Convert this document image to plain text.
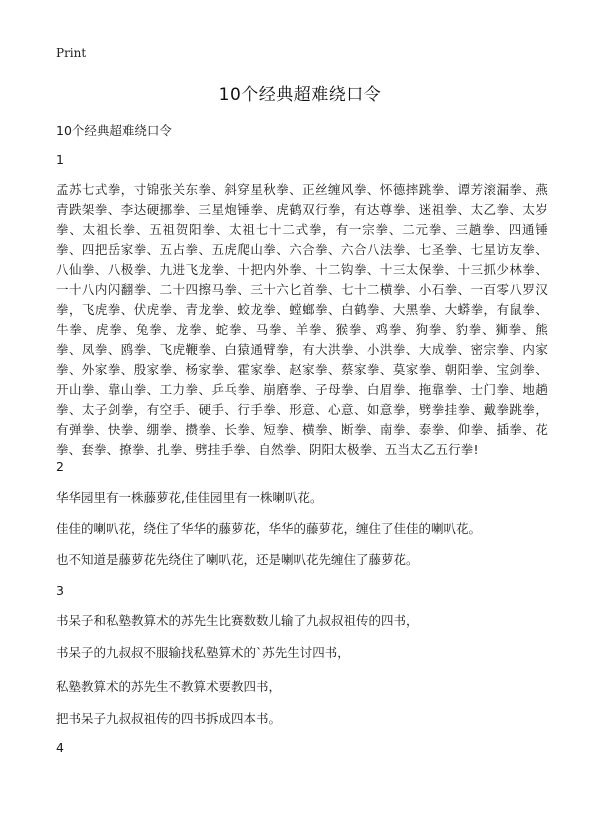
Print
10个经典超难绕口令
10个经典超难绕口令
1
孟苏七式拳，寸锦张关东拳、斜穿星秋拳、正丝缠风拳、怀德摔跳拳、谭芳滚漏拳、燕青跌架拳、李达硬挪拳、三星炮锤拳、虎鹤双行拳，有达尊拳、迷祖拳、太乙拳、太岁拳、太祖长拳、五祖贺阳拳、太祖七十二式拳，有一宗拳、二元拳、三趟拳、四通锤拳、四把岳家拳、五占拳、五虎爬山拳、六合拳、六合八法拳、七圣拳、七星访友拳、八仙拳、八极拳、九进飞龙拳、十把内外拳、十二钩拳、十三太保拳、十三抓少林拳、一十八内闪翻拳、二十四擦马拳、三十六匕首拳、七十二横拳、小石拳、一百零八罗汉拳，飞虎拳、伏虎拳、青龙拳、蛟龙拳、螳螂拳、白鹤拳、大黑拳、大蟒拳，有鼠拳、牛拳、虎拳、兔拳、龙拳、蛇拳、马拳、羊拳、猴拳、鸡拳、狗拳、豹拳、狮拳、熊拳、凤拳、鸥拳、飞虎鞭拳、白猿通臂拳，有大洪拳、小洪拳、大成拳、密宗拳、内家拳、外家拳、殷家拳、杨家拳、霍家拳、赵家拳、蔡家拳、莫家拳、朝阳拳、宝剑拳、开山拳、靠山拳、工力拳、乒乓拳、崩磨拳、子母拳、白眉拳、拖靠拳、士门拳、地趟拳、太子剑拳，有空手、硬手、行手拳、形意、心意、如意拳，劈拳挂拳、戴拳跳拳，有弹拳、快拳、绷拳、攒拳、长拳、短拳、横拳、断拳、南拳、泰拳、仰拳、插拳、花拳、套拳、撩拳、扎拳、劈挂手拳、自然拳、阴阳太极拳、五当太乙五行拳!
2
华华园里有一株藤萝花,佳佳园里有一株喇叭花。
佳佳的喇叭花，绕住了华华的藤萝花，华华的藤萝花，缠住了佳佳的喇叭花。
也不知道是藤萝花先绕住了喇叭花，还是喇叭花先缠住了藤萝花。
3
书呆子和私塾教算术的苏先生比赛数数儿输了九叔叔祖传的四书，
书呆子的九叔叔不服输找私塾算术的`苏先生讨四书，
私塾教算术的苏先生不教算术要教四书，
把书呆子九叔叔祖传的四书拆成四本书。
4
